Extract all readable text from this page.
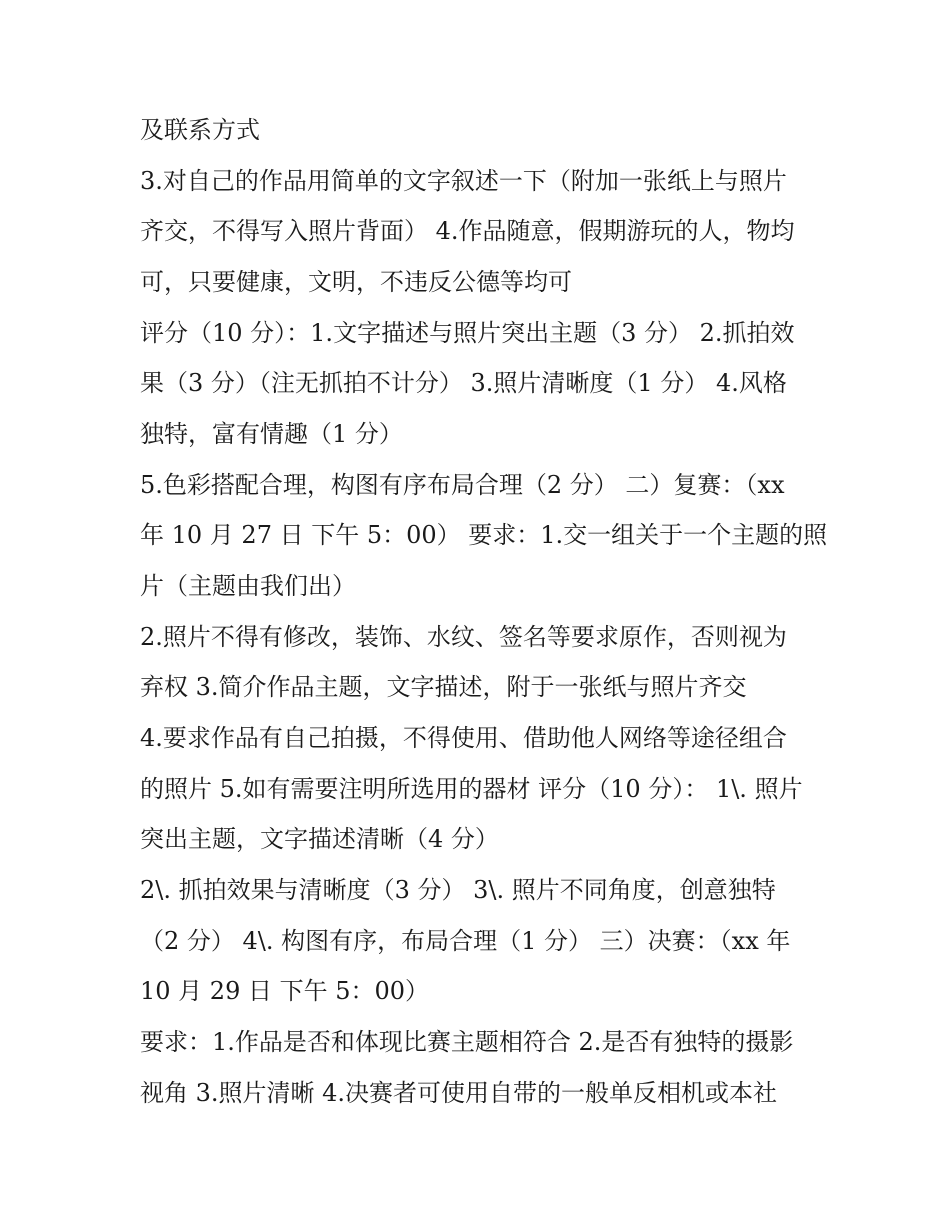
及联系方式
3.对自己的作品用简单的文字叙述一下（附加一张纸上与照片
齐交，不得写入照片背面） 4.作品随意，假期游玩的人，物均
可，只要健康，文明，不违反公德等均可
评分（10 分）：1.文字描述与照片突出主题（3 分） 2.抓拍效
果（3 分）（注无抓拍不计分） 3.照片清晰度（1 分） 4.风格
独特，富有情趣（1 分）
5.色彩搭配合理，构图有序布局合理（2 分） 二）复赛：（xx
年 10 月 27 日 下午 5：00） 要求：1.交一组关于一个主题的照
片（主题由我们出）
2.照片不得有修改，装饰、水纹、签名等要求原作，否则视为
弃权 3.简介作品主题，文字描述，附于一张纸与照片齐交
4.要求作品有自己拍摄，不得使用、借助他人网络等途径组合
的照片 5.如有需要注明所选用的器材 评分（10 分）： 1\. 照片
突出主题，文字描述清晰（4 分）
2\. 抓拍效果与清晰度（3 分） 3\. 照片不同角度，创意独特
（2 分） 4\. 构图有序，布局合理（1 分） 三）决赛：（xx 年
10 月 29 日 下午 5：00）
要求：1.作品是否和体现比赛主题相符合 2.是否有独特的摄影
视角 3.照片清晰 4.决赛者可使用自带的一般单反相机或本社
